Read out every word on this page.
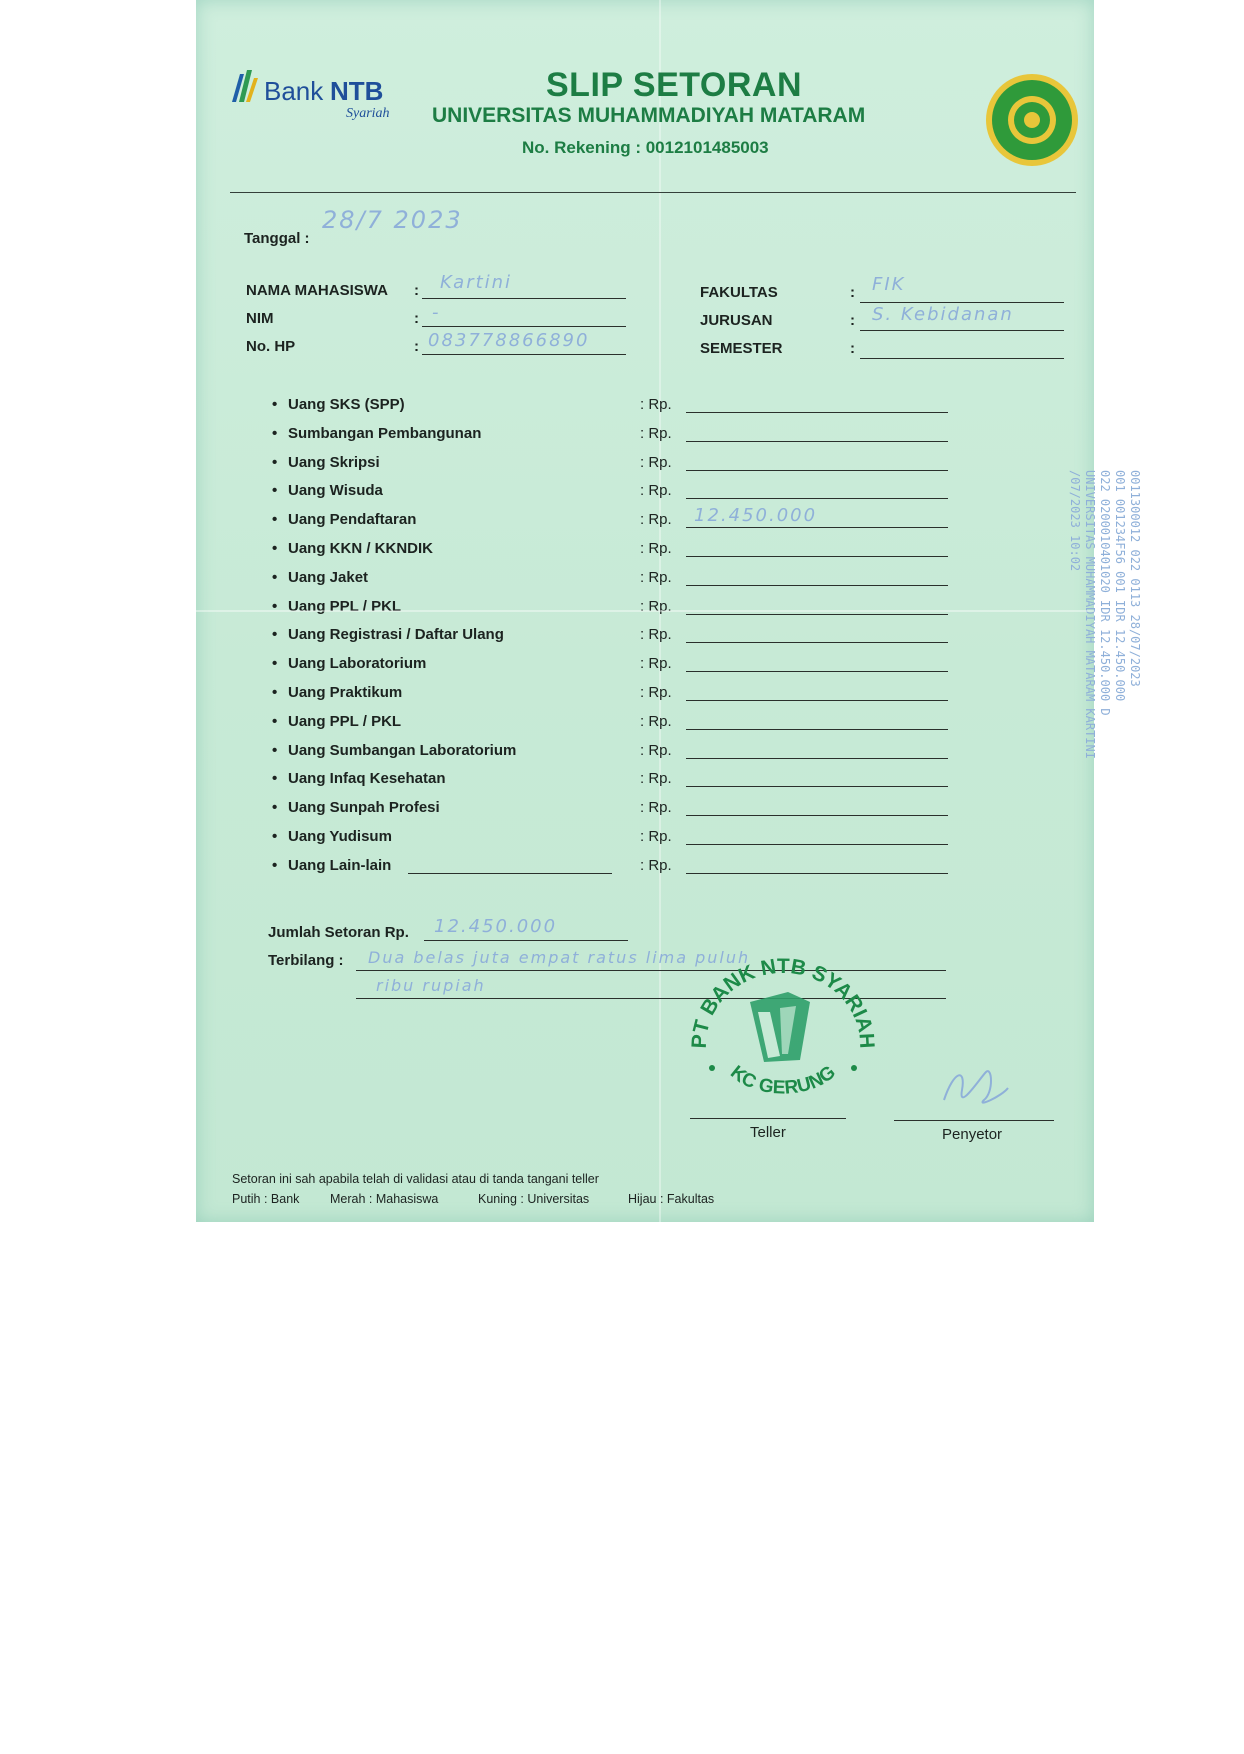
Bank NTB
Syariah
SLIP SETORAN
UNIVERSITAS MUHAMMADIYAH MATARAM
No. Rekening : 0012101485003
Tanggal :
28/7 2023
NAMA MAHASISWA : Kartini
NIM	: -
No. HP	: 083778866890
FAKULTAS	: FIK
JURUSAN	: S. Kebidanan
SEMESTER	:
• Uang SKS (SPP)	: Rp.
• Sumbangan Pembangunan	: Rp.
• Uang Skripsi	: Rp.
• Uang Wisuda	: Rp.
• Uang Pendaftaran	: Rp. 12.450.000
• Uang KKN / KKNDIK	: Rp.
• Uang Jaket	: Rp.
• Uang PPL / PKL	: Rp.
• Uang Registrasi / Daftar Ulang	: Rp.
• Uang Laboratorium	: Rp.
• Uang Praktikum	: Rp.
• Uang PPL / PKL	: Rp.
• Uang Sumbangan Laboratorium	: Rp.
• Uang Infaq Kesehatan	: Rp.
• Uang Sunpah Profesi	: Rp.
• Uang Yudisum	: Rp.
• Uang Lain-lain	: Rp.
0011300012 022 0113 28/07/2023
001 001234F56 001 IDR 12.450.000
022 0200010401020 IDR 12.450.000 D
UNIVERSITAS MUHAMMADIYAH MATARAM KARTINI
/07/2023 10:02
Jumlah Setoran Rp. 12.450.000
Terbilang : Dua belas juta empat ratus lima puluh
ribu rupiah
PT BANK NTB SYARIAH
KC GERUNG
Teller	Penyetor
Setoran ini sah apabila telah di validasi atau di tanda tangani teller
Putih : Bank Merah : Mahasiswa	Kuning : Universitas	Hijau : Fakultas
